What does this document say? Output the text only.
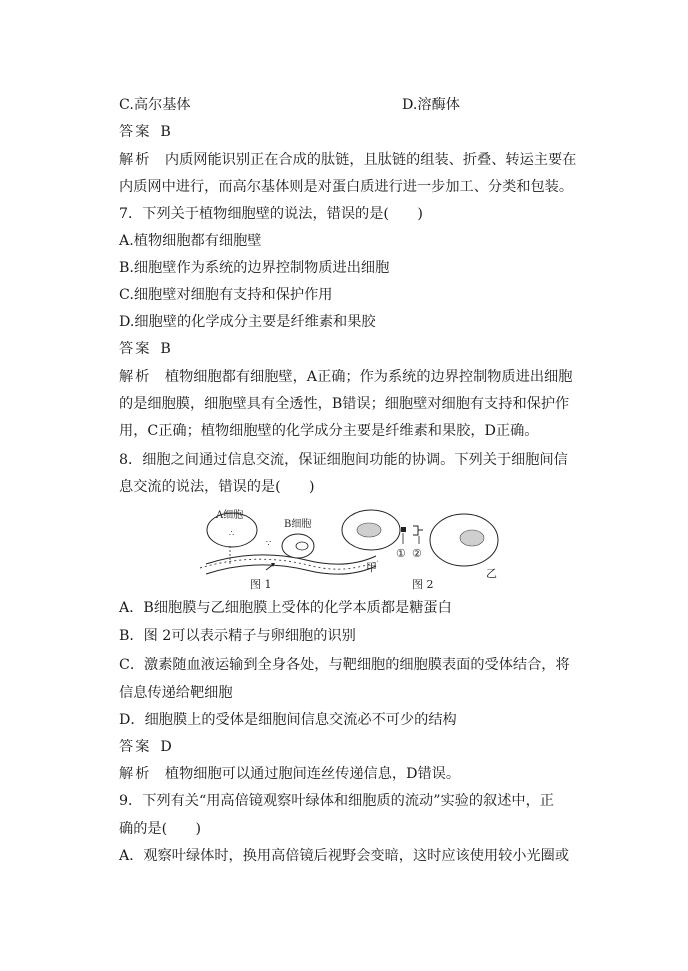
C.高尔基体	D.溶酶体
答案 B
解析 内质网能识别正在合成的肽链，且肽链的组装、折叠、转运主要在
内质网中进行，而高尔基体则是对蛋白质进行进一步加工、分类和包装。
7．下列关于植物细胞壁的说法，错误的是(　　)
A.植物细胞都有细胞壁
B.细胞壁作为系统的边界控制物质进出细胞
C.细胞壁对细胞有支持和保护作用
D.细胞壁的化学成分主要是纤维素和果胶
答案 B
解析 植物细胞都有细胞壁，A正确；作为系统的边界控制物质进出细胞
的是细胞膜，细胞壁具有全透性，B错误；细胞壁对细胞有支持和保护作
用，C正确；植物细胞壁的化学成分主要是纤维素和果胶，D正确。
8．细胞之间通过信息交流，保证细胞间功能的协调。下列关于细胞间信
息交流的说法，错误的是(　　)
A细胞
∴
B细胞
∵
图 1
① ②
甲	乙
图 2
A．B细胞膜与乙细胞膜上受体的化学本质都是糖蛋白
B．图 2可以表示精子与卵细胞的识别
C．激素随血液运输到全身各处，与靶细胞的细胞膜表面的受体结合，将
信息传递给靶细胞
D．细胞膜上的受体是细胞间信息交流必不可少的结构
答案 D
解析 植物细胞可以通过胞间连丝传递信息，D错误。
9．下列有关“用高倍镜观察叶绿体和细胞质的流动”实验的叙述中，正
确的是(　　)
A．观察叶绿体时，换用高倍镜后视野会变暗，这时应该使用较小光圈或
